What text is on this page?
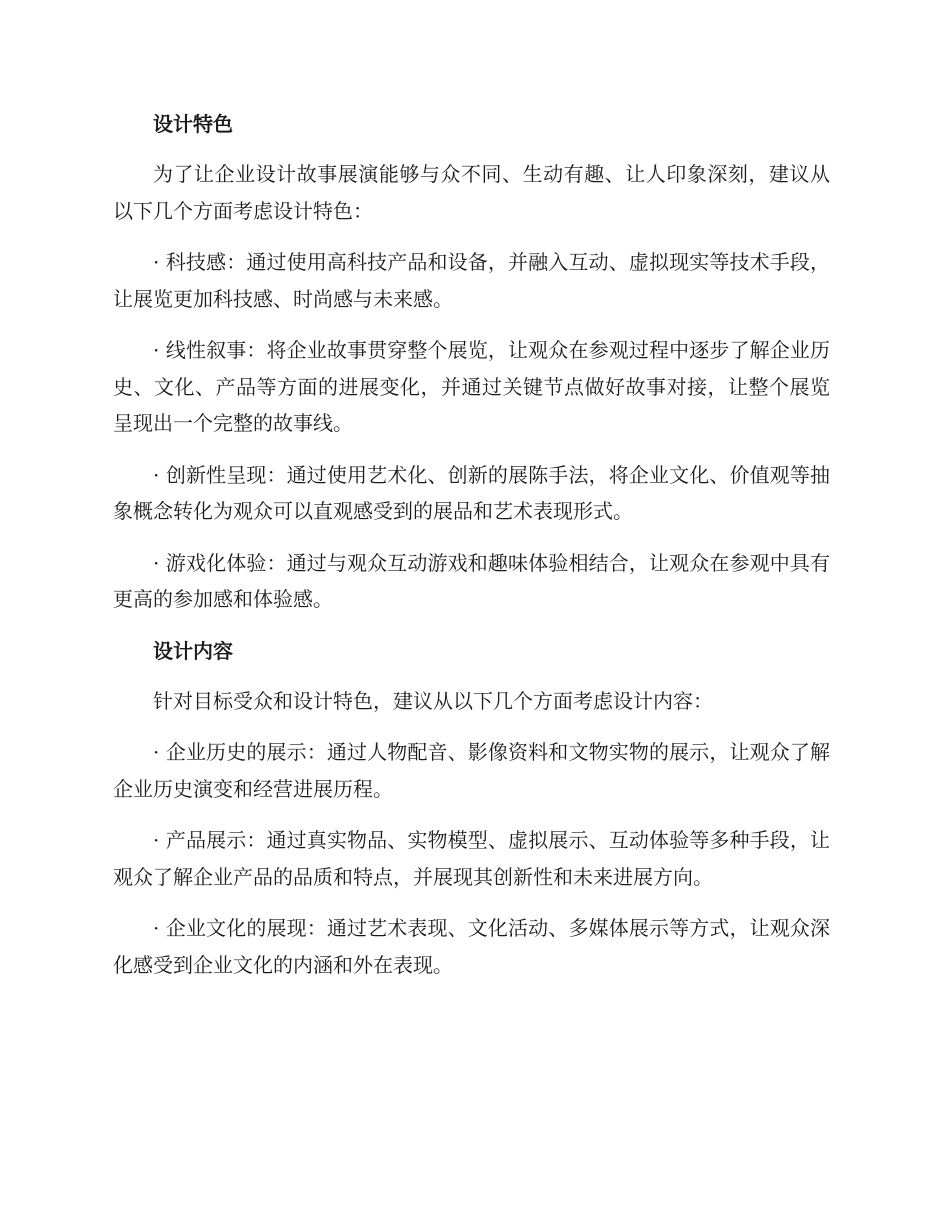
设计特色

为了让企业设计故事展演能够与众不同、生动有趣、让人印象深刻，建议从以下几个方面考虑设计特色：

· 科技感：通过使用高科技产品和设备，并融入互动、虚拟现实等技术手段，让展览更加科技感、时尚感与未来感。

· 线性叙事：将企业故事贯穿整个展览，让观众在参观过程中逐步了解企业历史、文化、产品等方面的进展变化，并通过关键节点做好故事对接，让整个展览呈现出一个完整的故事线。

· 创新性呈现：通过使用艺术化、创新的展陈手法，将企业文化、价值观等抽象概念转化为观众可以直观感受到的展品和艺术表现形式。

· 游戏化体验：通过与观众互动游戏和趣味体验相结合，让观众在参观中具有更高的参加感和体验感。

设计内容

针对目标受众和设计特色，建议从以下几个方面考虑设计内容：

· 企业历史的展示：通过人物配音、影像资料和文物实物的展示，让观众了解企业历史演变和经营进展历程。

· 产品展示：通过真实物品、实物模型、虚拟展示、互动体验等多种手段，让观众了解企业产品的品质和特点，并展现其创新性和未来进展方向。

· 企业文化的展现：通过艺术表现、文化活动、多媒体展示等方式，让观众深化感受到企业文化的内涵和外在表现。
